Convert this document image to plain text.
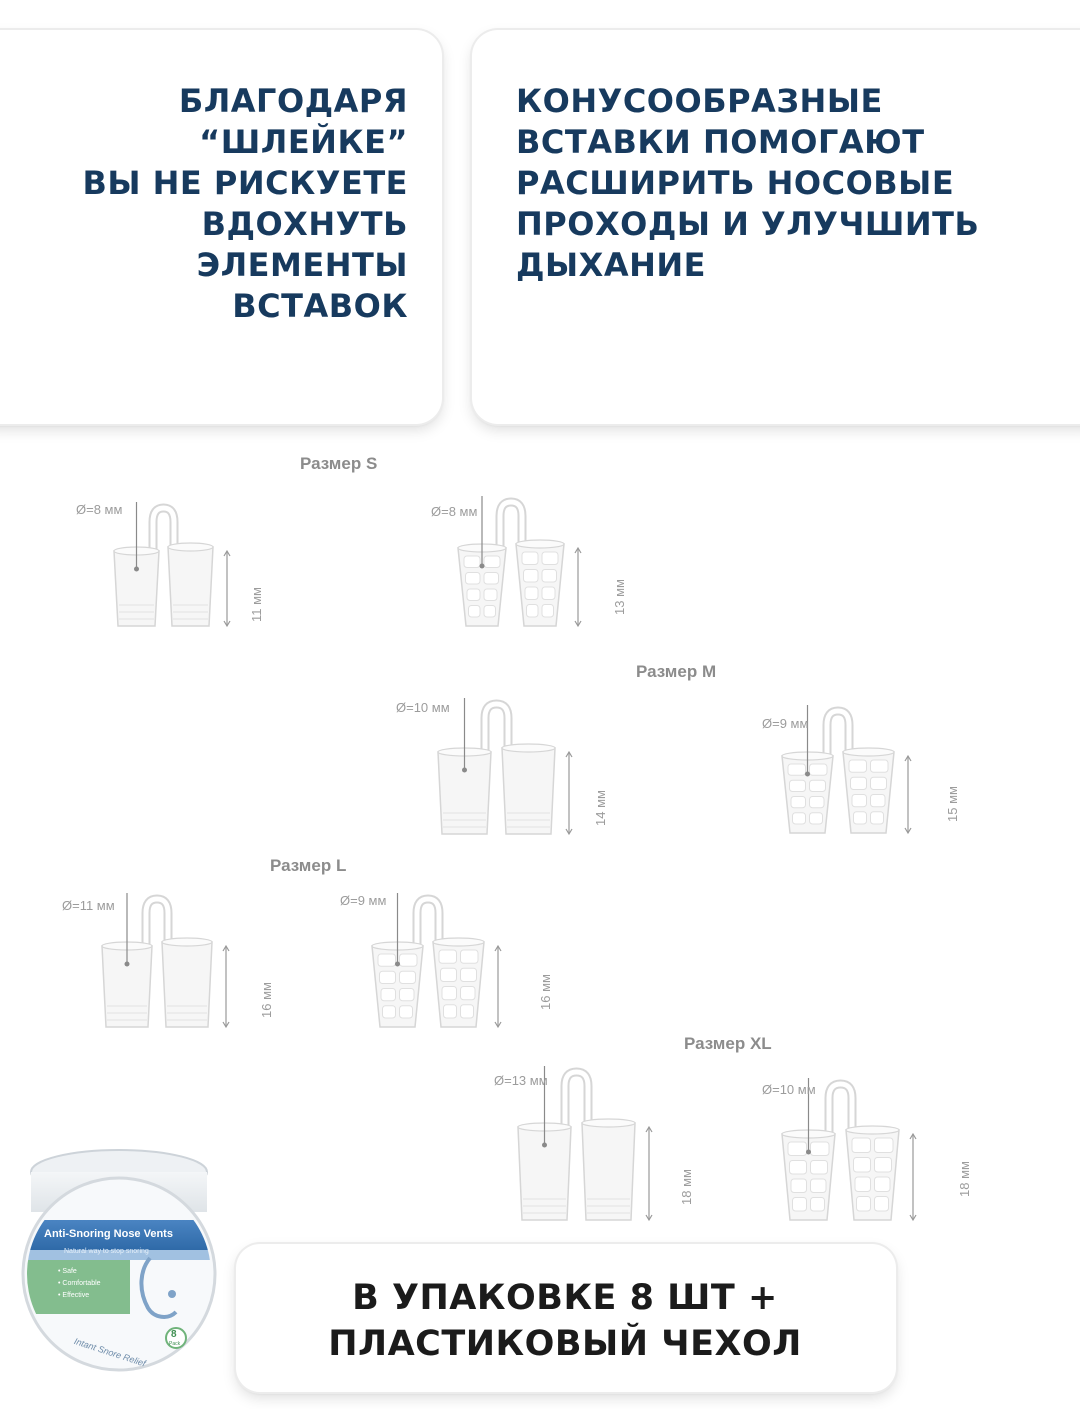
БЛАГОДАРЯ
“ШЛЕЙКЕ”
ВЫ НЕ РИСКУЕТЕ
ВДОХНУТЬ
ЭЛЕМЕНТЫ
ВСТАВОК
КОНУСООБРАЗНЫЕ
ВСТАВКИ ПОМОГАЮТ
РАСШИРИТЬ НОСОВЫЕ
ПРОХОДЫ И УЛУЧШИТЬ
ДЫХАНИЕ
Размер S
Размер M
Размер L
Размер XL
Ø=8 мм	Ø=8 мм
Ø=10 мм
Ø=9 мм
Ø=11 мм	Ø=9 мм
Ø=13 мм
Ø=10 мм
11 мм	13 мм
14 мм	15 мм
16 мм	16 мм
18 мм	18 мм
В УПАКОВКЕ 8 ШТ +
ПЛАСТИКОВЫЙ ЧЕХОЛ
Anti-Snoring Nose Vents
Natural way to stop snoring
• Safe
• Comfortable
• Effective
8
Pack
Intant Snore Relief
